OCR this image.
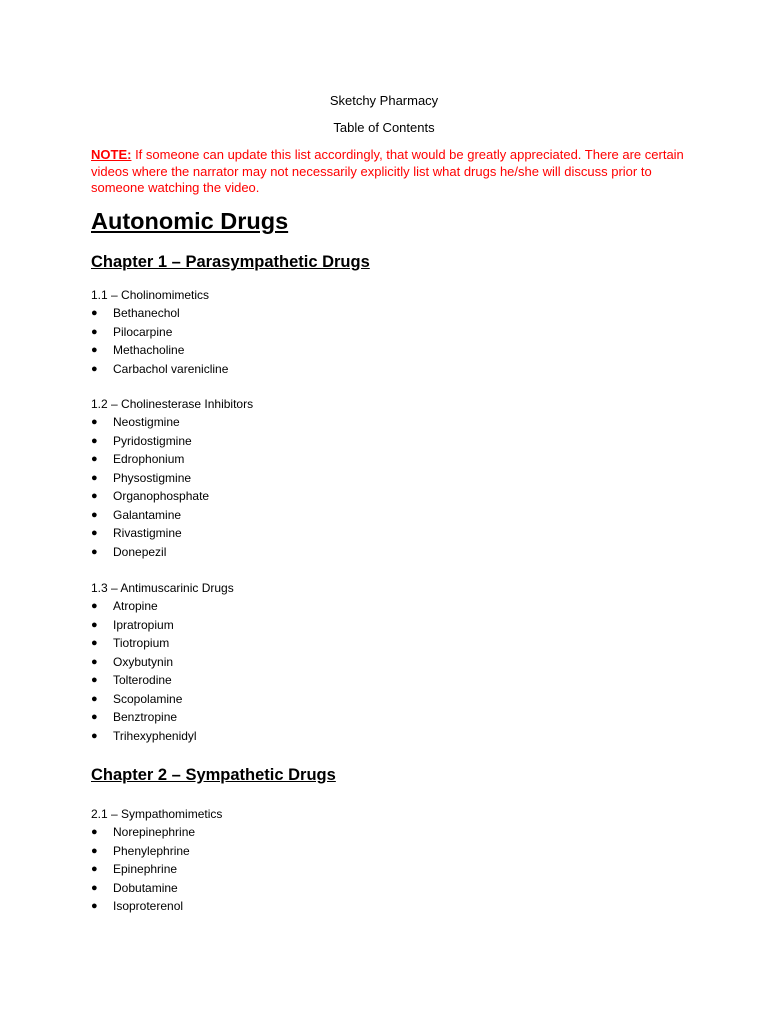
Sketchy Pharmacy
Table of Contents
NOTE: If someone can update this list accordingly, that would be greatly appreciated. There are certain videos where the narrator may not necessarily explicitly list what drugs he/she will discuss prior to someone watching the video.
Autonomic Drugs
Chapter 1 – Parasympathetic Drugs
1.1 – Cholinomimetics
● Bethanechol
● Pilocarpine
● Methacholine
● Carbachol varenicline
1.2 – Cholinesterase Inhibitors
● Neostigmine
● Pyridostigmine
● Edrophonium
● Physostigmine
● Organophosphate
● Galantamine
● Rivastigmine
● Donepezil
1.3 – Antimuscarinic Drugs
● Atropine
● Ipratropium
● Tiotropium
● Oxybutynin
● Tolterodine
● Scopolamine
● Benztropine
● Trihexyphenidyl
Chapter 2 – Sympathetic Drugs
2.1 – Sympathomimetics
● Norepinephrine
● Phenylephrine
● Epinephrine
● Dobutamine
● Isoproterenol
